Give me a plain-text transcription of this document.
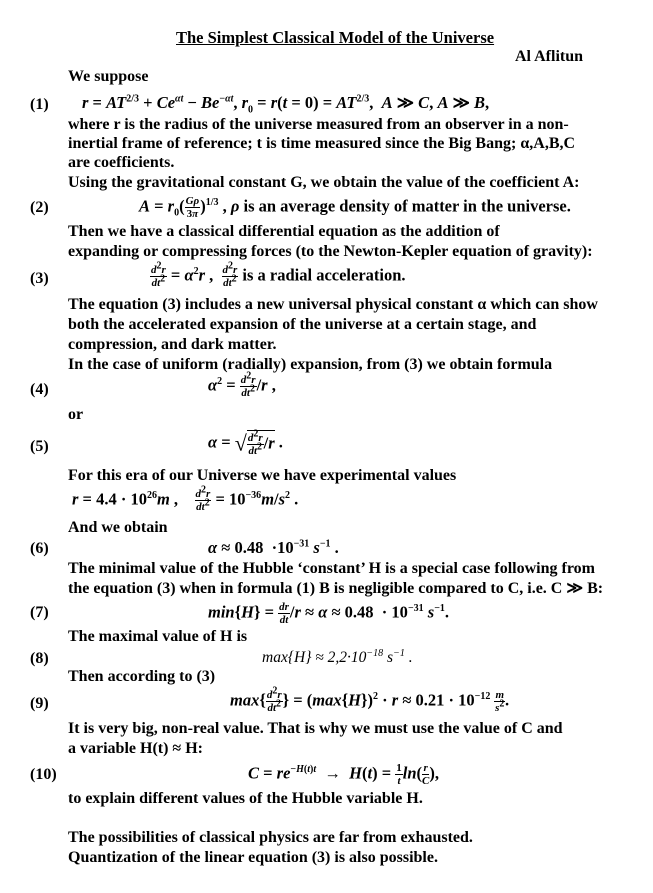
The Simplest Classical Model of the Universe
Al Aflitun
(1)
(2)
(3)
(4)
(5)
(6)
(7)
(8)
(9)
(10)
We suppose
$r = AT^{2/3} + Ce^{\alpha t} - Be^{-\alpha t}$, $r_0 = r(t = 0) = AT^{2/3}$,  A ≫ C, A ≫ B,
where r is the radius of the universe measured from an observer in a non-
inertial frame of reference; t is time measured since the Big Bang; α,A,B,C
are coefficients.
Using the gravitational constant G, we obtain the value of the coefficient A:
$A = r_0( \frac{G\rho}{3\pi} )^{1/3}$ , ρ is an average density of matter in the universe.
Then we have a classical differential equation as the addition of
expanding or compressing forces (to the Newton-Kepler equation of gravity):
$\frac{d^2r}{dt^2} = \alpha^2r$ , $\frac{d^2r}{dt^2}$ is a radial acceleration.
The equation (3) includes a new universal physical constant α which can show
both the accelerated expansion of the universe at a certain stage, and
compression, and dark matter.
In the case of uniform (radially) expansion, from (3) we obtain formula
$\alpha^2 = \frac{d^2r}{dt^2} /r$ ,
or
α = √ $\frac{d^2r}{dt^2} /r$ .
For this era of our Universe we have experimental values
$r = 4.4 \cdot 10^{26}m$ , $\frac{d^2r}{dt^2} = 10^{-36}m/s^2$ .
And we obtain
$\alpha \approx 0.48 \cdot 10^{-31}$ $s^{-1}$ .
The minimal value of the Hubble ‘constant’ H is a special case following from
the equation (3) when in formula (1) B is negligible compared to C, i.e. C ≫ B:
$\min\{H\} = \frac{dr}{dt} /r \approx \alpha \approx 0.48 \cdot 10^{-31}$ $s^{-1}$.
The maximal value of H is
$\max\{H\} \approx 2,2\cdot 10^{-18}$ $s^{-1}$ .
Then according to (3)
$\max\{ \frac{d^2r}{dt^2}$ } = $(\max\{H\})^2 \cdot r \approx 0.21 \cdot 10^{-12} \frac{m}{s^2}$ .
It is very big, non-real value. That is why we must use the value of C and
a variable H(t) ≈ H:
$C = re^{-H(t)t} \to H(t) = \frac{1}{t} \ln( \frac{r}{C}$ ),
to explain different values of the Hubble variable H.
The possibilities of classical physics are far from exhausted.
Quantization of the linear equation (3) is also possible.
